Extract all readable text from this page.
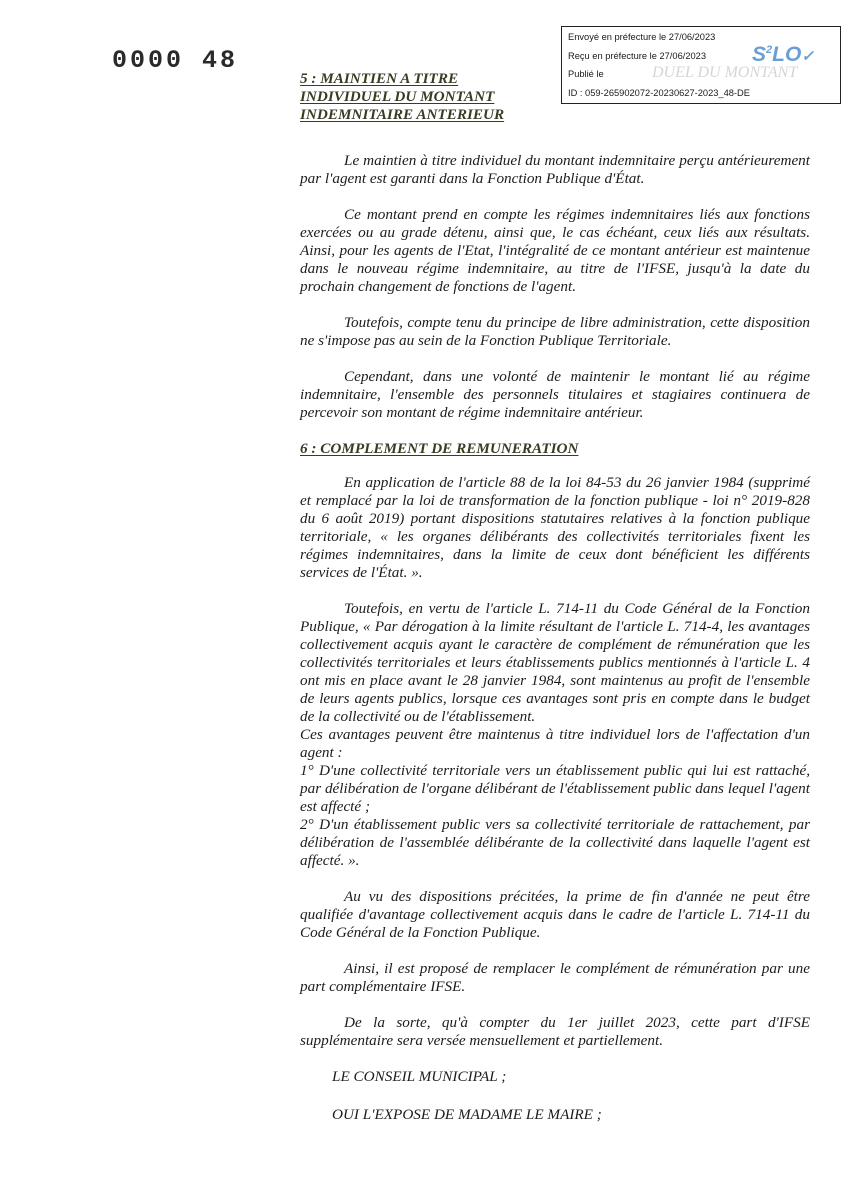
0000 48	DUEL DU MONTANT
Envoyé en préfecture le 27/06/2023
Reçu en préfecture le 27/06/2023
Publié le
ID : 059-265902072-20230627-2023_48-DE
$S^2LO✓$
5 : MAINTIEN A TITRE INDIVIDUEL DU MONTANT INDEMNITAIRE ANTERIEUR

Le maintien à titre individuel du montant indemnitaire perçu antérieurement par l'agent est garanti dans la Fonction Publique d'État.

Ce montant prend en compte les régimes indemnitaires liés aux fonctions exercées ou au grade détenu, ainsi que, le cas échéant, ceux liés aux résultats. Ainsi, pour les agents de l'Etat, l'intégralité de ce montant antérieur est maintenue dans le nouveau régime indemnitaire, au titre de l'IFSE, jusqu'à la date du prochain changement de fonctions de l'agent.

Toutefois, compte tenu du principe de libre administration, cette disposition ne s'impose pas au sein de la Fonction Publique Territoriale.

Cependant, dans une volonté de maintenir le montant lié au régime indemnitaire, l'ensemble des personnels titulaires et stagiaires continuera de percevoir son montant de régime indemnitaire antérieur.

6 : COMPLEMENT DE REMUNERATION

En application de l'article 88 de la loi 84-53 du 26 janvier 1984 (supprimé et remplacé par la loi de transformation de la fonction publique - loi n° 2019-828 du 6 août 2019) portant dispositions statutaires relatives à la fonction publique territoriale, « les organes délibérants des collectivités territoriales fixent les régimes indemnitaires, dans la limite de ceux dont bénéficient les différents services de l'État. ».

Toutefois, en vertu de l'article L. 714-11 du Code Général de la Fonction Publique, « Par dérogation à la limite résultant de l'article L. 714-4, les avantages collectivement acquis ayant le caractère de complément de rémunération que les collectivités territoriales et leurs établissements publics mentionnés à l'article L. 4 ont mis en place avant le 28 janvier 1984, sont maintenus au profit de l'ensemble de leurs agents publics, lorsque ces avantages sont pris en compte dans le budget de la collectivité ou de l'établissement.

Ces avantages peuvent être maintenus à titre individuel lors de l'affectation d'un agent :

1° D'une collectivité territoriale vers un établissement public qui lui est rattaché, par délibération de l'organe délibérant de l'établissement public dans lequel l'agent est affecté ;

2° D'un établissement public vers sa collectivité territoriale de rattachement, par délibération de l'assemblée délibérante de la collectivité dans laquelle l'agent est affecté. ».

Au vu des dispositions précitées, la prime de fin d'année ne peut être qualifiée d'avantage collectivement acquis dans le cadre de l'article L. 714-11 du Code Général de la Fonction Publique.

Ainsi, il est proposé de remplacer le complément de rémunération par une part complémentaire IFSE.

De la sorte, qu'à compter du 1er juillet 2023, cette part d'IFSE supplémentaire sera versée mensuellement et partiellement.

LE CONSEIL MUNICIPAL ;
OUI L'EXPOSE DE MADAME LE MAIRE ;
